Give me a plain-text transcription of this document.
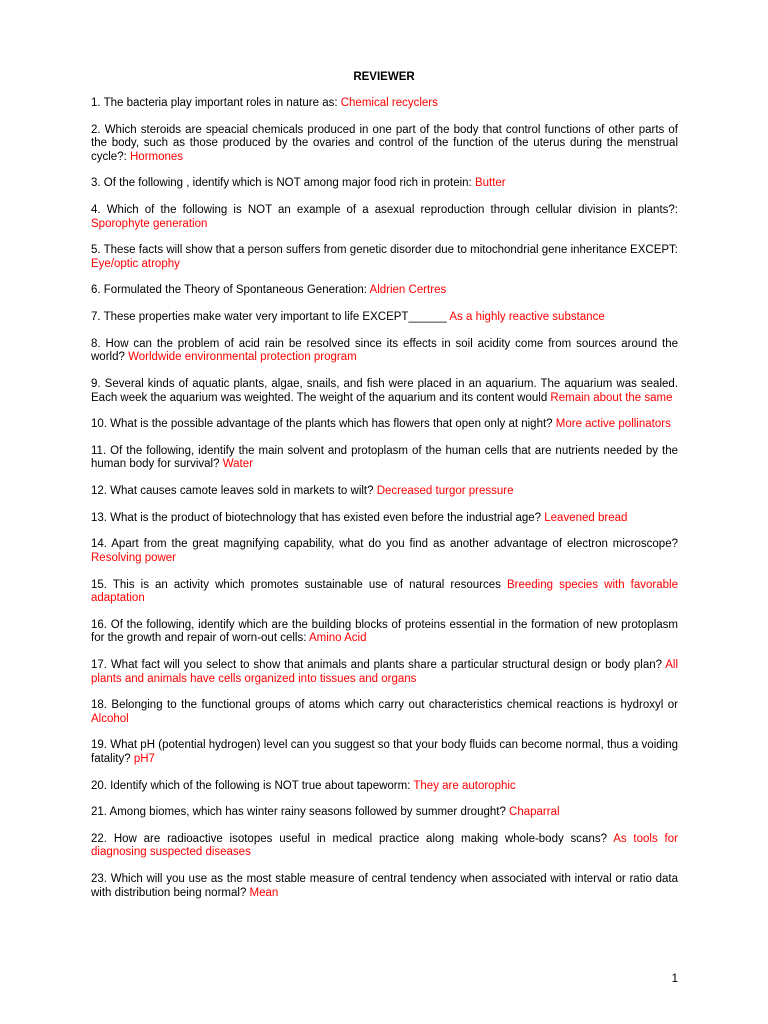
REVIEWER

1. The bacteria play important roles in nature as: Chemical recyclers

2. Which steroids are speacial chemicals produced in one part of the body that control functions of other parts of the body, such as those produced by the ovaries and control of the function of the uterus during the menstrual cycle?: Hormones

3. Of the following , identify which is NOT among major food rich in protein: Butter

4. Which of the following is NOT an example of a asexual reproduction through cellular division in plants?: Sporophyte generation

5. These facts will show that a person suffers from genetic disorder due to mitochondrial gene inheritance EXCEPT: Eye/optic atrophy

6. Formulated the Theory of Spontaneous Generation: Aldrien Certres

7. These properties make water very important to life EXCEPT______ As a highly reactive substance

8. How can the problem of acid rain be resolved since its effects in soil acidity come from sources around the world? Worldwide environmental protection program

9. Several kinds of aquatic plants, algae, snails, and fish were placed in an aquarium. The aquarium was sealed. Each week the aquarium was weighted. The weight of the aquarium and its content would Remain about the same

10. What is the possible advantage of the plants which has flowers that open only at night? More active pollinators

11. Of the following, identify the main solvent and protoplasm of the human cells that are nutrients needed by the human body for survival? Water

12. What causes camote leaves sold in markets to wilt? Decreased turgor pressure

13. What is the product of biotechnology that has existed even before the industrial age? Leavened bread

14. Apart from the great magnifying capability, what do you find as another advantage of electron microscope? Resolving power

15. This is an activity which promotes sustainable use of natural resources Breeding species with favorable adaptation

16. Of the following, identify which are the building blocks of proteins essential in the formation of new protoplasm for the growth and repair of worn-out cells: Amino Acid

17. What fact will you select to show that animals and plants share a particular structural design or body plan? All plants and animals have cells organized into tissues and organs

18. Belonging to the functional groups of atoms which carry out characteristics chemical reactions is hydroxyl or Alcohol

19. What pH (potential hydrogen) level can you suggest so that your body fluids can become normal, thus a voiding fatality? pH7

20. Identify which of the following is NOT true about tapeworm: They are autorophic

21. Among biomes, which has winter rainy seasons followed by summer drought? Chaparral

22. How are radioactive isotopes useful in medical practice along making whole-body scans? As tools for diagnosing suspected diseases

23. Which will you use as the most stable measure of central tendency when associated with interval or ratio data with distribution being normal? Mean

1
